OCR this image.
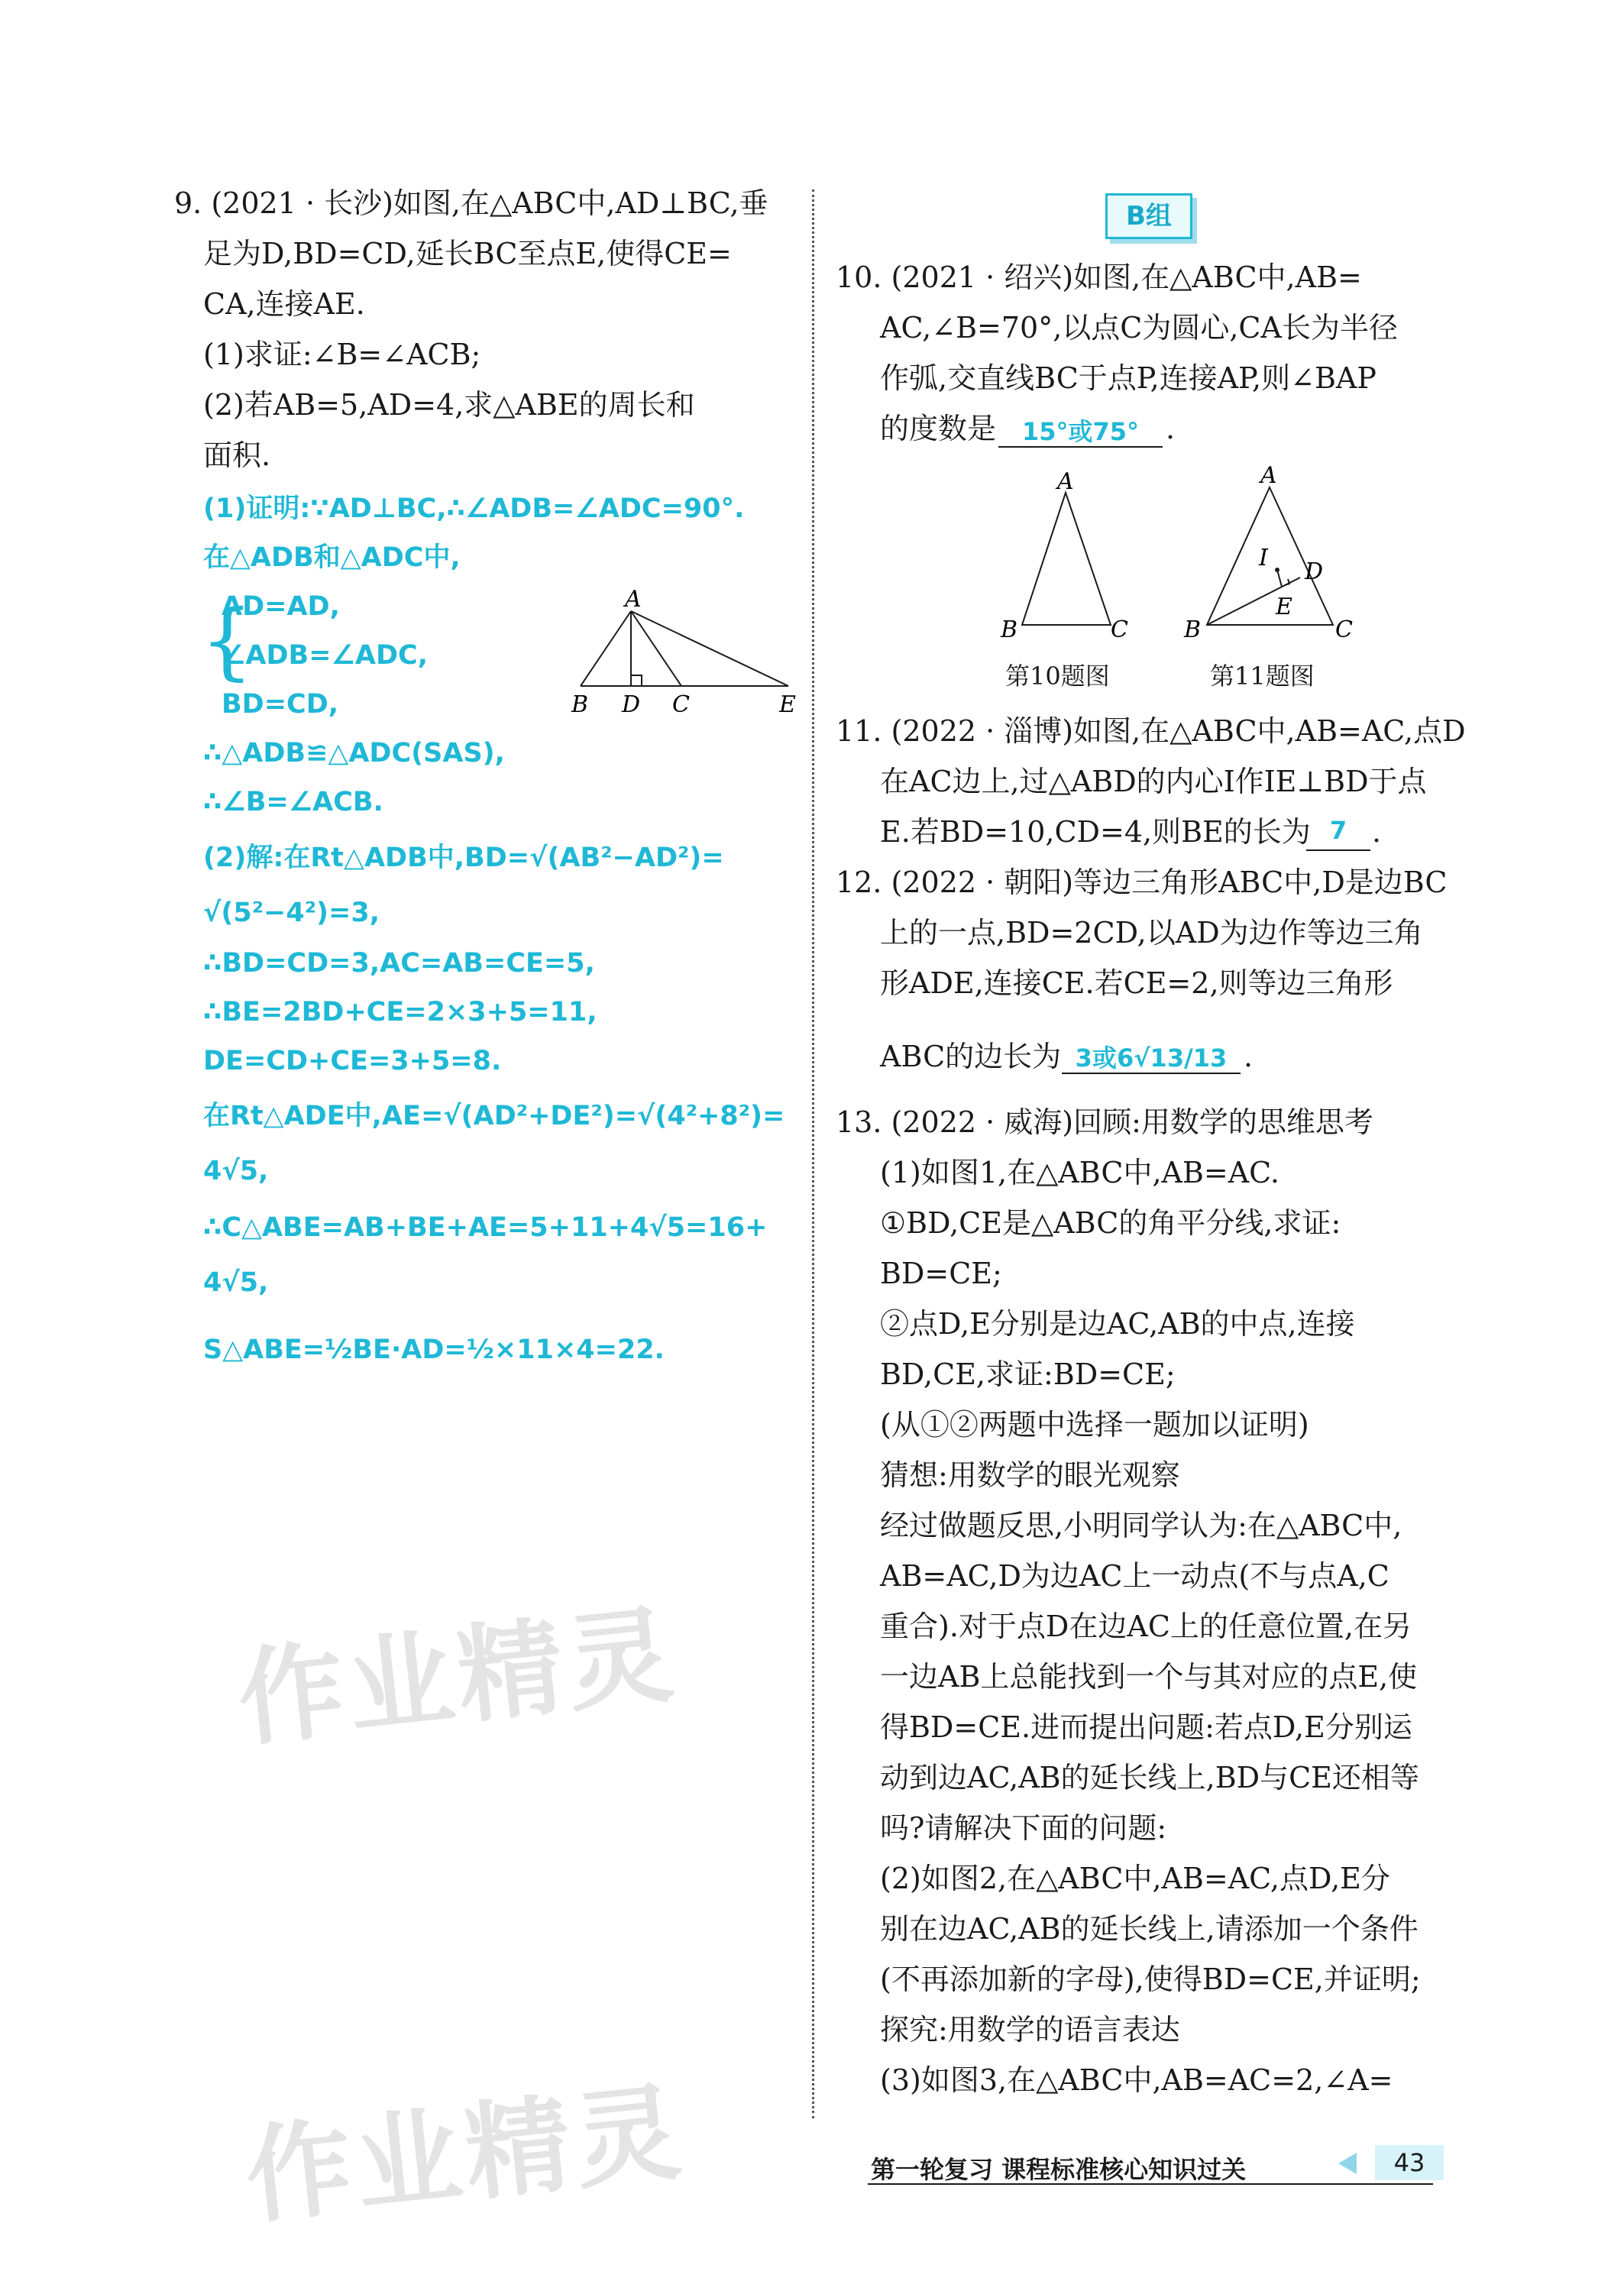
作业精灵
作业精灵
9. (2021 · 长沙)如图,在△ABC中,AD⊥BC,垂
足为D,BD=CD,延长BC至点E,使得CE=
CA,连接AE.
(1)求证:∠B=∠ACB;
(2)若AB=5,AD=4,求△ABE的周长和
面积.
(1)证明:∵AD⊥BC,∴∠ADB=∠ADC=90°.
在△ADB和△ADC中,
{
AD=AD,
∠ADB=∠ADC,
BD=CD,
∴△ADB≌△ADC(SAS),
∴∠B=∠ACB.
(2)解:在Rt△ADB中,BD=√(AB²−AD²)=
√(5²−4²)=3,
∴BD=CD=3,AC=AB=CE=5,
∴BE=2BD+CE=2×3+5=11,
DE=CD+CE=3+5=8.
在Rt△ADE中,AE=√(AD²+DE²)=√(4²+8²)=
4√5,
∴C△ABE=AB+BE+AE=5+11+4√5=16+
4√5,
S△ABE=½BE·AD=½×11×4=22.
A
B D C	E
B组
10. (2021 · 绍兴)如图,在△ABC中,AB=
AC,∠B=70°,以点C为圆心,CA长为半径
作弧,交直线BC于点P,连接AP,则∠BAP
的度数是	15°或75° .
A
B	C
第10题图
A
I
D
E
B	C
第11题图
11. (2022 · 淄博)如图,在△ABC中,AB=AC,点D
在AC边上,过△ABD的内心I作IE⊥BD于点
E.若BD=10,CD=4,则BE的长为 7 .
12. (2022 · 朝阳)等边三角形ABC中,D是边BC
上的一点,BD=2CD,以AD为边作等边三角
形ADE,连接CE.若CE=2,则等边三角形
ABC的边长为 3或6√13/13 .
13. (2022 · 威海)回顾:用数学的思维思考
(1)如图1,在△ABC中,AB=AC.
①BD,CE是△ABC的角平分线,求证:
BD=CE;
②点D,E分别是边AC,AB的中点,连接
BD,CE,求证:BD=CE;
(从①②两题中选择一题加以证明)
猜想:用数学的眼光观察
经过做题反思,小明同学认为:在△ABC中,
AB=AC,D为边AC上一动点(不与点A,C
重合).对于点D在边AC上的任意位置,在另
一边AB上总能找到一个与其对应的点E,使
得BD=CE.进而提出问题:若点D,E分别运
动到边AC,AB的延长线上,BD与CE还相等
吗?请解决下面的问题:
(2)如图2,在△ABC中,AB=AC,点D,E分
别在边AC,AB的延长线上,请添加一个条件
(不再添加新的字母),使得BD=CE,并证明;
探究:用数学的语言表达
(3)如图3,在△ABC中,AB=AC=2,∠A=
第一轮复习 课程标准核心知识过关	43
